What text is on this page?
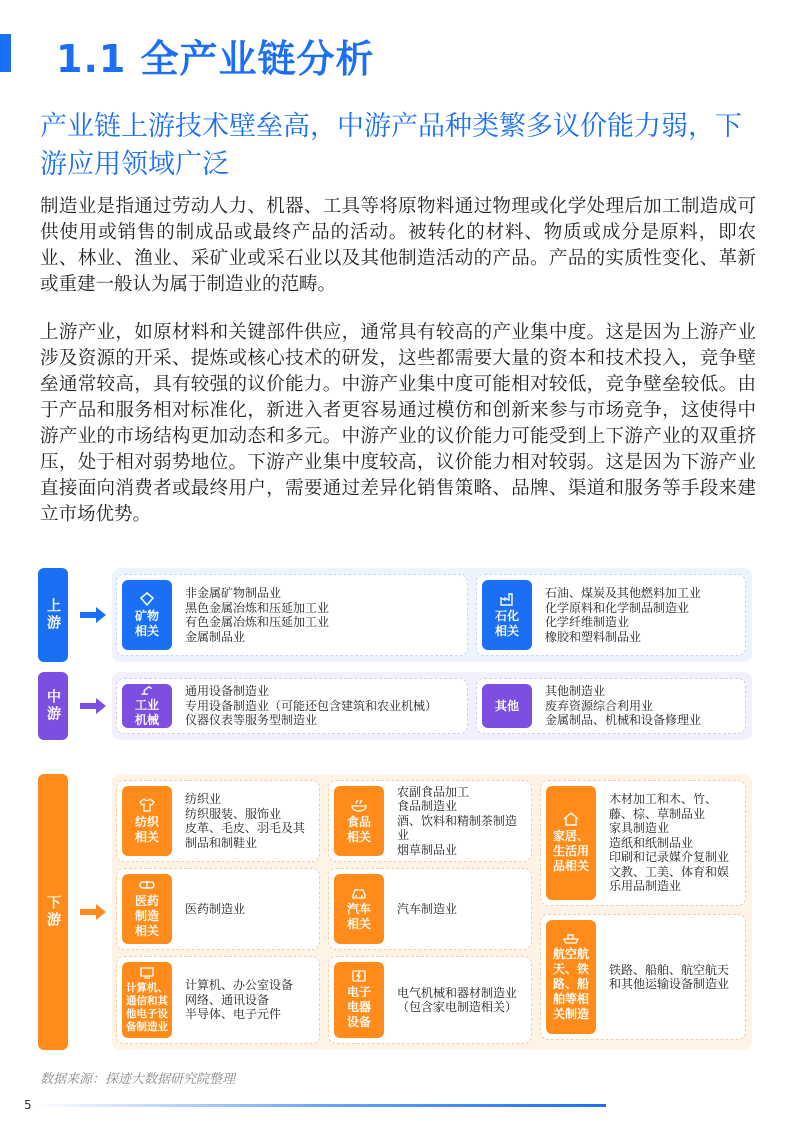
1.1 全产业链分析
产业链上游技术壁垒高，中游产品种类繁多议价能力弱，下游应用领域广泛
制造业是指通过劳动人力、机器、工具等将原物料通过物理或化学处理后加工制造成可供使用或销售的制成品或最终产品的活动。被转化的材料、物质或成分是原料，即农业、林业、渔业、采矿业或采石业以及其他制造活动的产品。产品的实质性变化、革新或重建一般认为属于制造业的范畴。
上游产业，如原材料和关键部件供应，通常具有较高的产业集中度。这是因为上游产业涉及资源的开采、提炼或核心技术的研发，这些都需要大量的资本和技术投入，竞争壁垒通常较高，具有较强的议价能力。中游产业集中度可能相对较低，竞争壁垒较低。由于产品和服务相对标准化，新进入者更容易通过模仿和创新来参与市场竞争，这使得中游产业的市场结构更加动态和多元。中游产业的议价能力可能受到上下游产业的双重挤压，处于相对弱势地位。下游产业集中度较高，议价能力相对较弱。这是因为下游产业直接面向消费者或最终用户，需要通过差异化销售策略、品牌、渠道和服务等手段来建立市场优势。
上游
中游
下游
矿物
相关
非金属矿物制品业
黑色金属冶炼和压延加工业
有色金属冶炼和压延加工业
金属制品业
石化
相关
石油、煤炭及其他燃料加工业
化学原料和化学制品制造业
化学纤维制造业
橡胶和塑料制品业
工业
机械
通用设备制造业
专用设备制造业（可能还包含建筑和农业机械）
仪器仪表等服务型制造业
其他
其他制造业
废弃资源综合利用业
金属制品、机械和设备修理业
纺织
相关
纺织业
纺织服装、服饰业
皮革、毛皮、羽毛及其制品和制鞋业
食品
相关
农副食品加工
食品制造业
酒、饮料和精制茶制造业
烟草制品业
家居、
生活用
品相关
木材加工和木、竹、藤、棕、草制品业
家具制造业
造纸和纸制品业
印刷和记录媒介复制业
文教、工美、体育和娱乐用品制造业
医药
制造
相关
医药制造业	汽车
相关
汽车制造业
航空航
天、铁
路、船
舶等相
关制造
铁路、船舶、航空航天和其他运输设备制造业
计算机、
通信和其
他电子设
备制造业
计算机、办公室设备
网络、通讯设备
半导体、电子元件
电子
电器
设备
电气机械和器材制造业
（包含家电制造相关）
数据来源：探迹大数据研究院整理
5
